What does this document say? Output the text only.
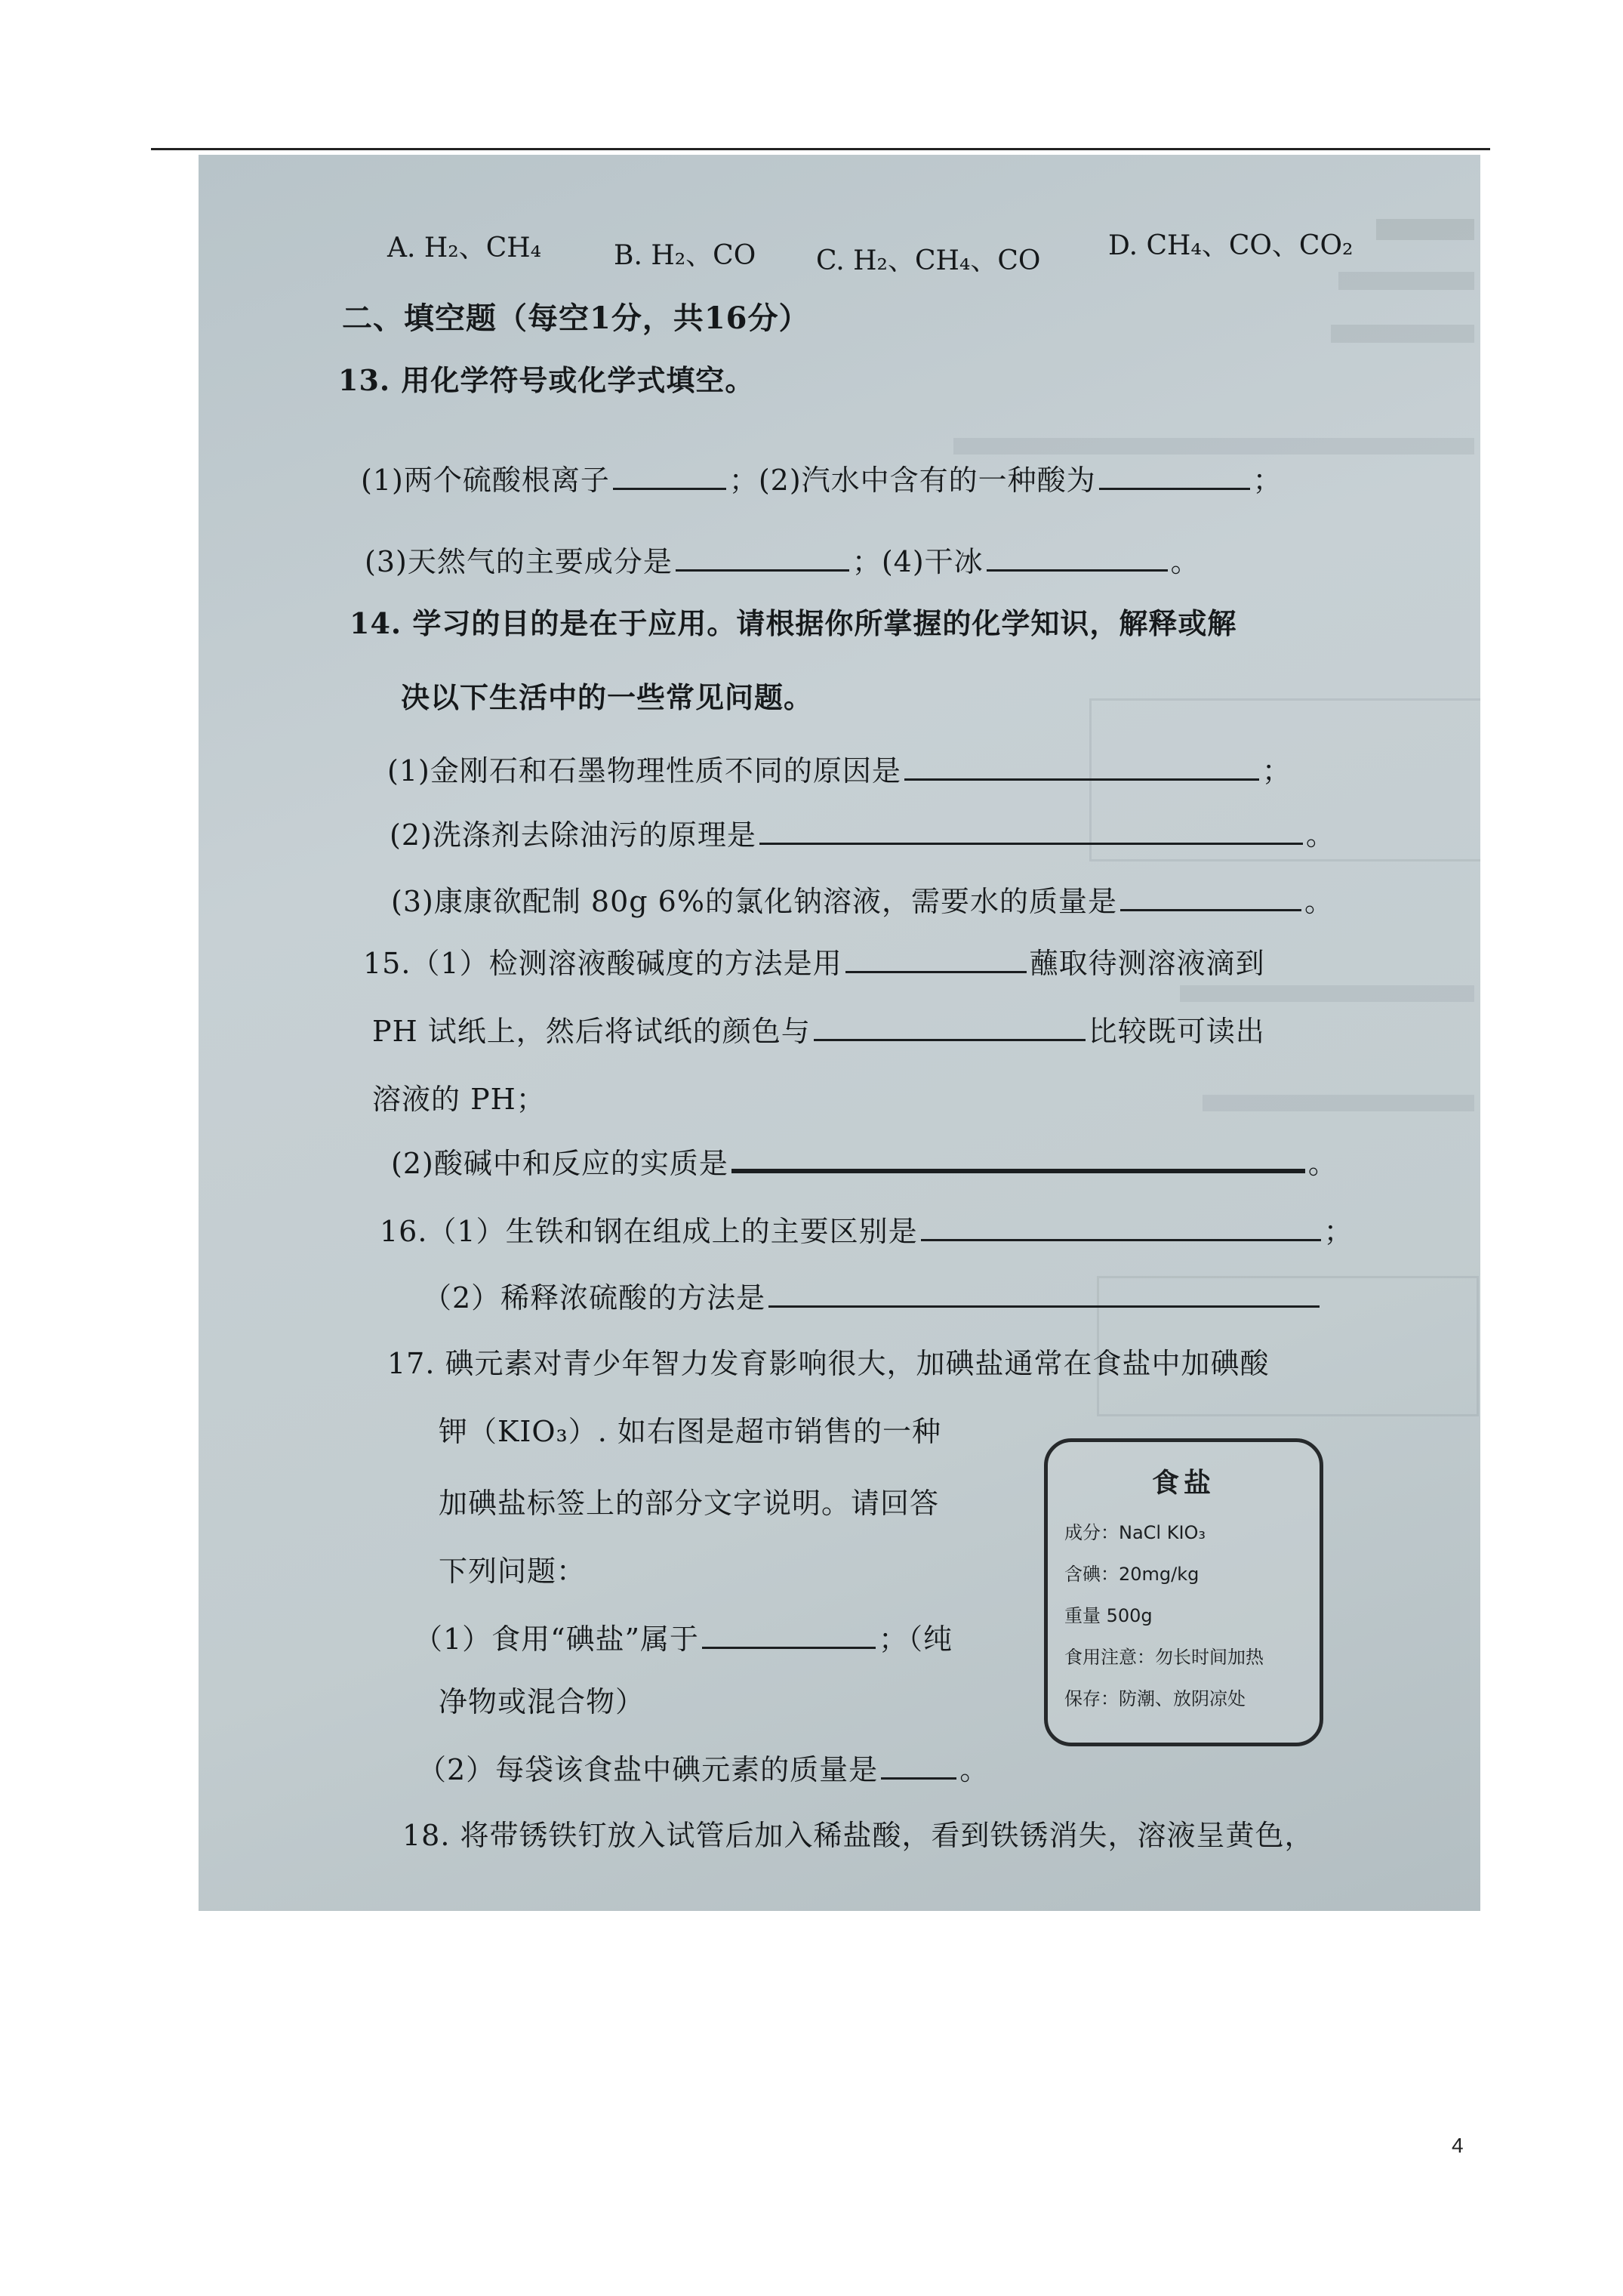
A. H₂、CH₄	B. H₂、CO C. H₂、CH₄、CO D. CH₄、CO、CO₂
二、填空题（每空1分，共16分）
13. 用化学符号或化学式填空。
(1)两个硫酸根离子	；(2)汽水中含有的一种酸为	；
(3)天然气的主要成分是	；(4)干冰	。
14. 学习的目的是在于应用。请根据你所掌握的化学知识，解释或解
决以下生活中的一些常见问题。
(1)金刚石和石墨物理性质不同的原因是	；
(2)洗涤剂去除油污的原理是	。
(3)康康欲配制 80g 6%的氯化钠溶液，需要水的质量是	。
15.（1）检测溶液酸碱度的方法是用	蘸取待测溶液滴到
PH 试纸上，然后将试纸的颜色与	比较既可读出
溶液的 PH；
(2)酸碱中和反应的实质是	。
16.（1）生铁和钢在组成上的主要区别是	；
（2）稀释浓硫酸的方法是
17. 碘元素对青少年智力发育影响很大，加碘盐通常在食盐中加碘酸
钾（KIO₃）. 如右图是超市销售的一种
加碘盐标签上的部分文字说明。请回答
下列问题：
（1）食用“碘盐”属于	；（纯
净物或混合物）
（2）每袋该食盐中碘元素的质量是	。
食盐
成分：NaCl KIO₃
含碘：20mg/kg
重量 500g
食用注意：勿长时间加热
保存：防潮、放阴凉处
18. 将带锈铁钉放入试管后加入稀盐酸，看到铁锈消失，溶液呈黄色，
4
